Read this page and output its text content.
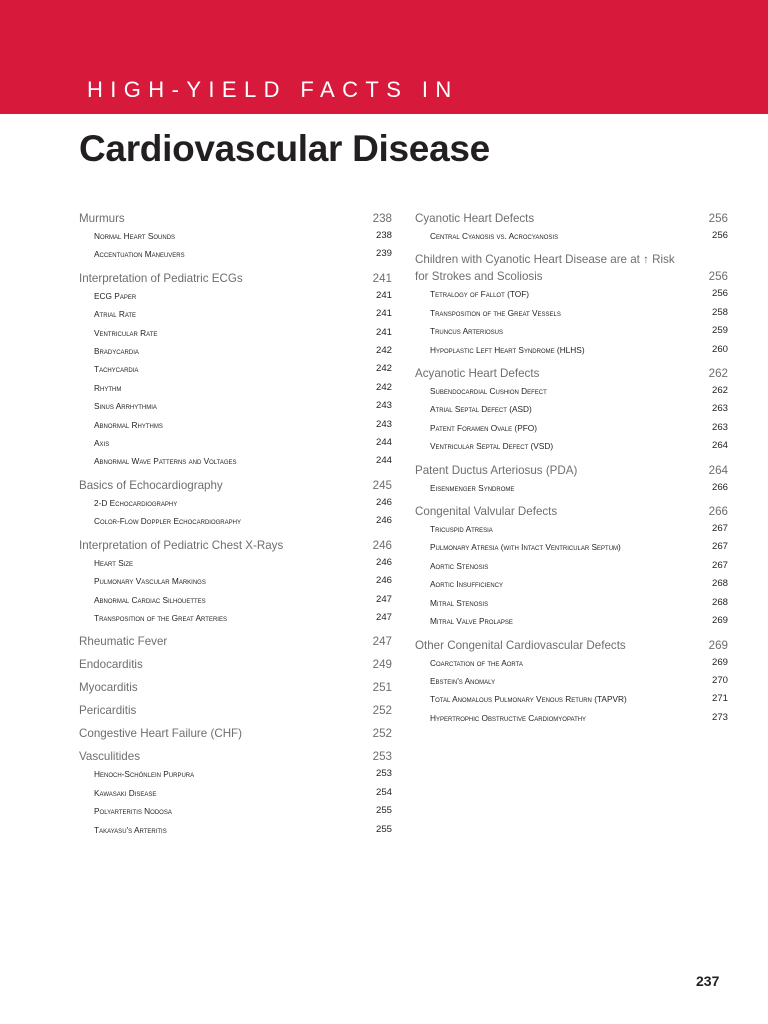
HIGH-YIELD FACTS IN
Cardiovascular Disease
Murmurs	238
Normal Heart Sounds	238
Accentuation Maneuvers	239
Interpretation of Pediatric ECGs	241
ECG Paper	241
Atrial Rate	241
Ventricular Rate	241
Bradycardia	242
Tachycardia	242
Rhythm	242
Sinus Arrhythmia	243
Abnormal Rhythms	243
Axis	244
Abnormal Wave Patterns and Voltages	244
Basics of Echocardiography	245
2-D Echocardiography	246
Color-Flow Doppler Echocardiography	246
Interpretation of Pediatric Chest X-Rays	246
Heart Size	246
Pulmonary Vascular Markings	246
Abnormal Cardiac Silhouettes	247
Transposition of the Great Arteries	247
Rheumatic Fever	247
Endocarditis	249
Myocarditis	251
Pericarditis	252
Congestive Heart Failure (CHF)	252
Vasculitides	253
Henoch-Schönlein Purpura	253
Kawasaki Disease	254
Polyarteritis Nodosa	255
Takayasu's Arteritis	255
Cyanotic Heart Defects	256
Central Cyanosis vs. Acrocyanosis	256
Children with Cyanotic Heart Disease are at ↑ Risk for Strokes and Scoliosis	256
Tetralogy of Fallot (TOF)	256
Transposition of the Great Vessels	258
Truncus Arteriosus	259
Hypoplastic Left Heart Syndrome (HLHS)	260
Acyanotic Heart Defects	262
Subendocardial Cushion Defect	262
Atrial Septal Defect (ASD)	263
Patent Foramen Ovale (PFO)	263
Ventricular Septal Defect (VSD)	264
Patent Ductus Arteriosus (PDA)	264
Eisenmenger Syndrome	266
Congenital Valvular Defects	266
Tricuspid Atresia	267
Pulmonary Atresia (with Intact Ventricular Septum)	267
Aortic Stenosis	267
Aortic Insufficiency	268
Mitral Stenosis	268
Mitral Valve Prolapse	269
Other Congenital Cardiovascular Defects	269
Coarctation of the Aorta	269
Ebstein's Anomaly	270
Total Anomalous Pulmonary Venous Return (TAPVR)	271
Hypertrophic Obstructive Cardiomyopathy	273
237
